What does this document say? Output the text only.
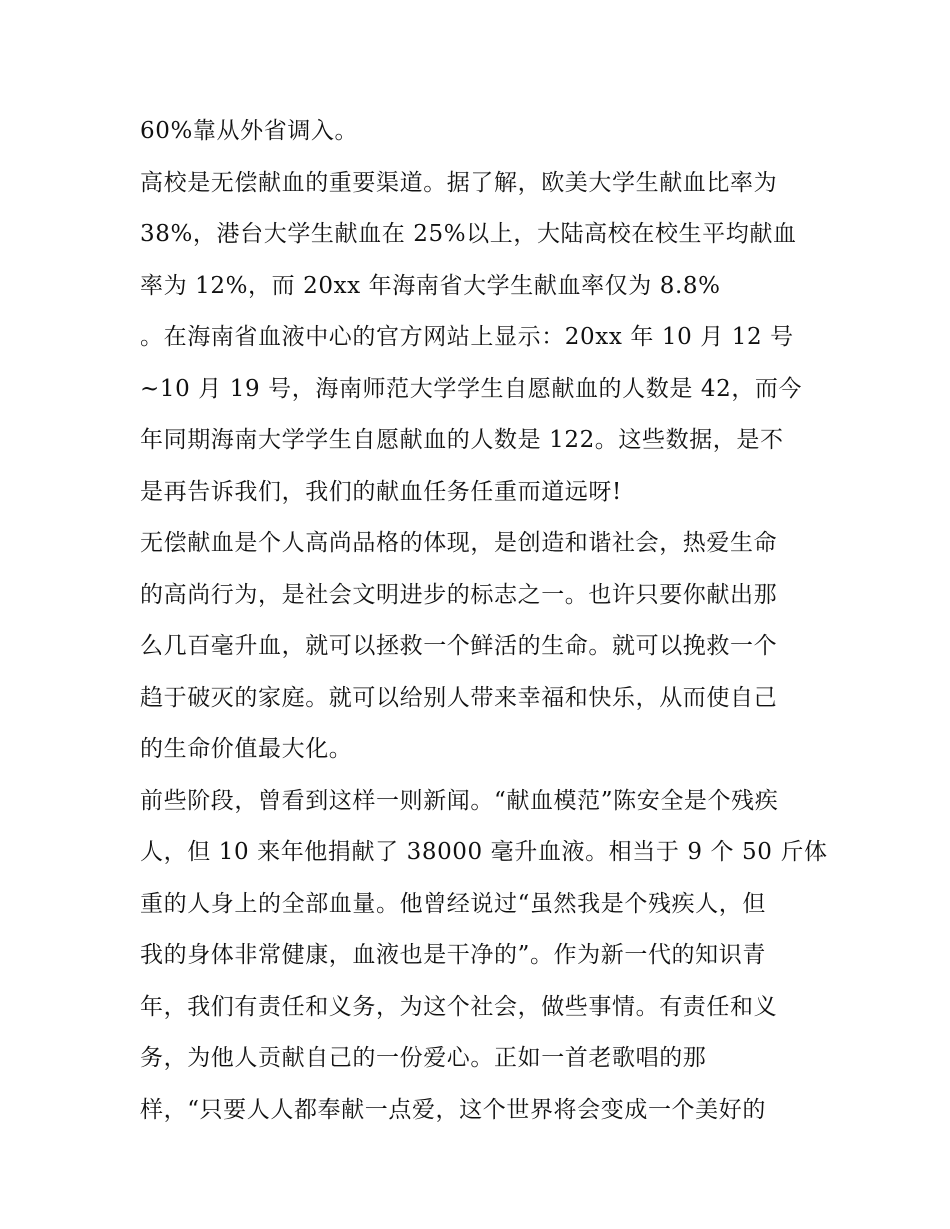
60%靠从外省调入。
高校是无偿献血的重要渠道。据了解，欧美大学生献血比率为
38%，港台大学生献血在 25%以上，大陆高校在校生平均献血
率为 12%，而 20xx 年海南省大学生献血率仅为 8.8%
。在海南省血液中心的官方网站上显示：20xx 年 10 月 12 号
~10 月 19 号，海南师范大学学生自愿献血的人数是 42，而今
年同期海南大学学生自愿献血的人数是 122。这些数据，是不
是再告诉我们，我们的献血任务任重而道远呀!
无偿献血是个人高尚品格的体现，是创造和谐社会，热爱生命
的高尚行为，是社会文明进步的标志之一。也许只要你献出那
么几百毫升血，就可以拯救一个鲜活的生命。就可以挽救一个
趋于破灭的家庭。就可以给别人带来幸福和快乐，从而使自己
的生命价值最大化。
前些阶段，曾看到这样一则新闻。“献血模范”陈安全是个残疾
人，但 10 来年他捐献了 38000 毫升血液。相当于 9 个 50 斤体
重的人身上的全部血量。他曾经说过“虽然我是个残疾人，但
我的身体非常健康，血液也是干净的”。作为新一代的知识青
年，我们有责任和义务，为这个社会，做些事情。有责任和义
务，为他人贡献自己的一份爱心。正如一首老歌唱的那
样，“只要人人都奉献一点爱，这个世界将会变成一个美好的
